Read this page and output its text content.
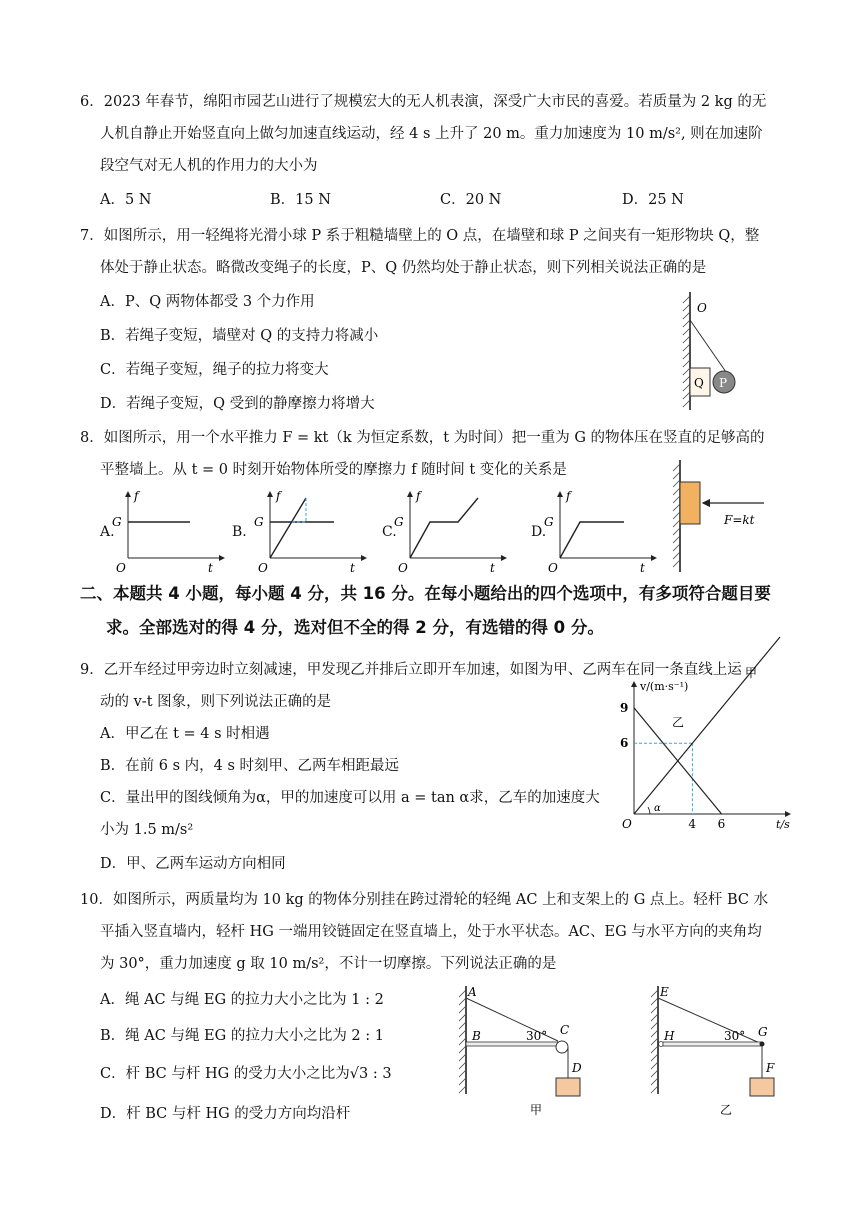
6．2023 年春节，绵阳市园艺山进行了规模宏大的无人机表演，深受广大市民的喜爱。若质量为 2 kg 的无
人机自静止开始竖直向上做匀加速直线运动，经 4 s 上升了 20 m。重力加速度为 10 m/s², 则在加速阶
段空气对无人机的作用力的大小为
A．5 N	B．15 N	C．20 N	D．25 N
7．如图所示，用一轻绳将光滑小球 P 系于粗糙墙壁上的 O 点，在墙壁和球 P 之间夹有一矩形物块 Q，整
体处于静止状态。略微改变绳子的长度，P、Q 仍然均处于静止状态，则下列相关说法正确的是
A．P、Q 两物体都受 3 个力作用
B．若绳子变短，墙壁对 Q 的支持力将减小
C．若绳子变短，绳子的拉力将变大
D．若绳子变短，Q 受到的静摩擦力将增大
O
Q P
8．如图所示，用一个水平推力 F = kt（k 为恒定系数，t 为时间）把一重为 G 的物体压在竖直的足够高的
平整墙上。从 t = 0 时刻开始物体所受的摩擦力 f 随时间 t 变化的关系是
A.	B.	C.	D.
f
t
O
G
f
t
O
G
f
t
O
G
f
t
O
G	F=kt
二、本题共 4 小题，每小题 4 分，共 16 分。在每小题给出的四个选项中，有多项符合题目要
求。全部选对的得 4 分，选对但不全的得 2 分，有选错的得 0 分。
9．乙开车经过甲旁边时立刻减速，甲发现乙并排后立即开车加速，如图为甲、乙两车在同一条直线上运
动的 v-t 图象，则下列说法正确的是
A．甲乙在 t = 4 s 时相遇
B．在前 6 s 内，4 s 时刻甲、乙两车相距最远
C．量出甲的图线倾角为α，甲的加速度可以用 a = tan α求，乙车的加速度大
小为 1.5 m/s²
D．甲、乙两车运动方向相同
α
v/(m·s⁻¹)
t/s
O
9
6
4 6
乙
甲
10．如图所示，两质量均为 10 kg 的物体分别挂在跨过滑轮的轻绳 AC 上和支架上的 G 点上。轻杆 BC 水
平插入竖直墙内，轻杆 HG 一端用铰链固定在竖直墙上，处于水平状态。AC、EG 与水平方向的夹角均
为 30°，重力加速度 g 取 10 m/s²，不计一切摩擦。下列说法正确的是
A．绳 AC 与绳 EG 的拉力大小之比为 1 : 2
B．绳 AC 与绳 EG 的拉力大小之比为 2 : 1
C．杆 BC 与杆 HG 的受力大小之比为√3 : 3
D．杆 BC 与杆 HG 的受力方向均沿杆
A
B	30° C
D
甲
E
H	30° G
F
乙
